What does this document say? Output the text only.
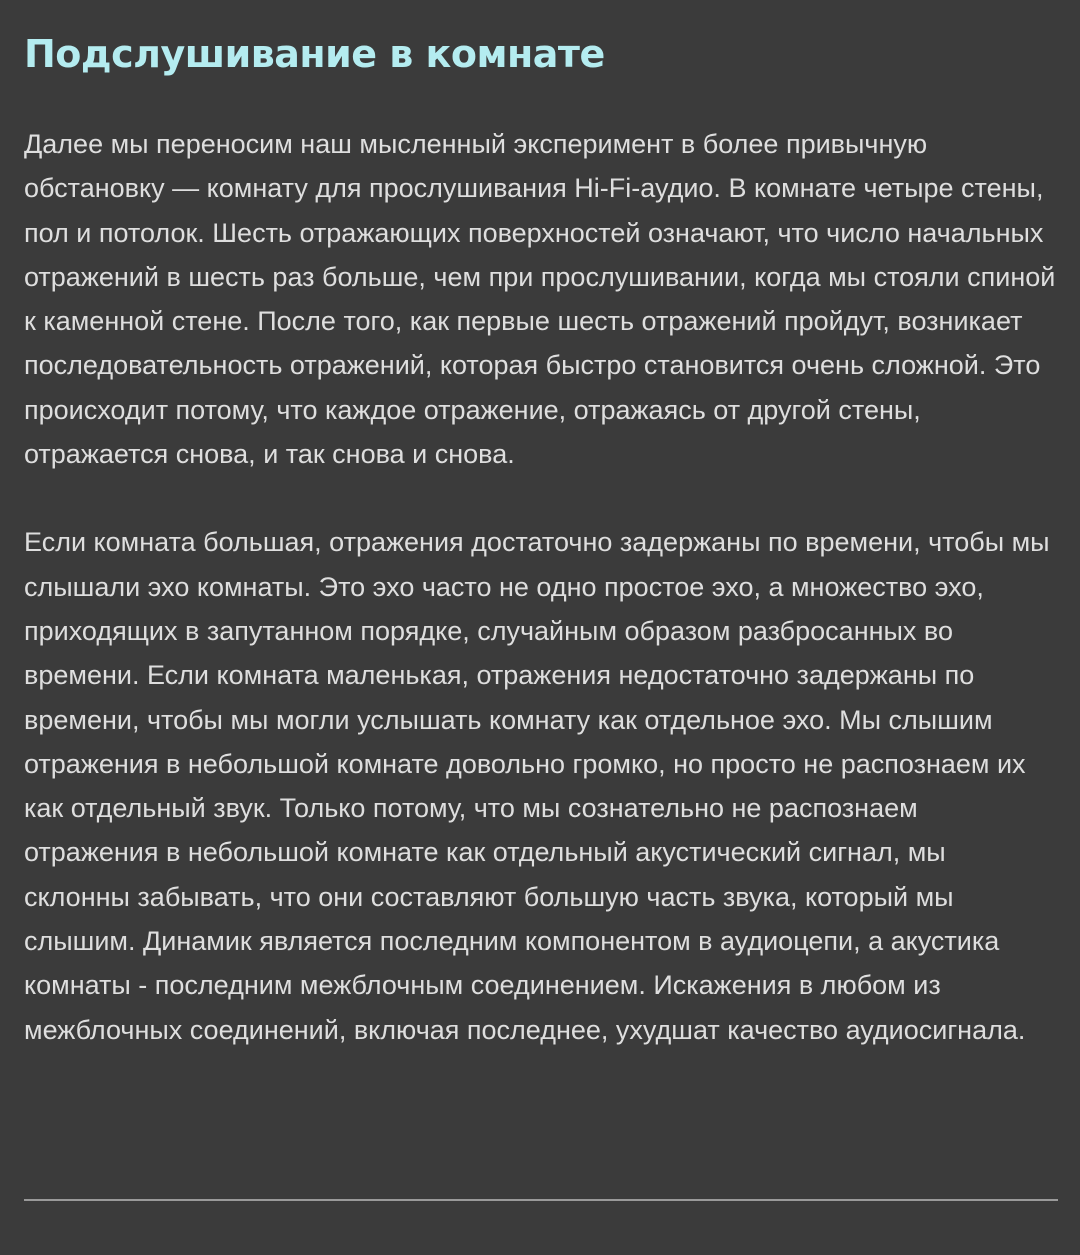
Подслушивание в комнате

Далее мы переносим наш мысленный эксперимент в более привычную обстановку — комнату для прослушивания Hi-Fi-аудио. В комнате четыре стены, пол и потолок. Шесть отражающих поверхностей означают, что число начальных отражений в шесть раз больше, чем при прослушивании, когда мы стояли спиной к каменной стене. После того, как первые шесть отражений пройдут, возникает последовательность отражений, которая быстро становится очень сложной. Это происходит потому, что каждое отражение, отражаясь от другой стены, отражается снова, и так снова и снова.

Если комната большая, отражения достаточно задержаны по времени, чтобы мы слышали эхо комнаты. Это эхо часто не одно простое эхо, а множество эхо, приходящих в запутанном порядке, случайным образом разбросанных во времени. Если комната маленькая, отражения недостаточно задержаны по времени, чтобы мы могли услышать комнату как отдельное эхо. Мы слышим отражения в небольшой комнате довольно громко, но просто не распознаем их как отдельный звук. Только потому, что мы сознательно не распознаем отражения в небольшой комнате как отдельный акустический сигнал, мы склонны забывать, что они составляют большую часть звука, который мы слышим. Динамик является последним компонентом в аудиоцепи, а акустика комнаты - последним межблочным соединением. Искажения в любом из межблочных соединений, включая последнее, ухудшат качество аудиосигнала.
